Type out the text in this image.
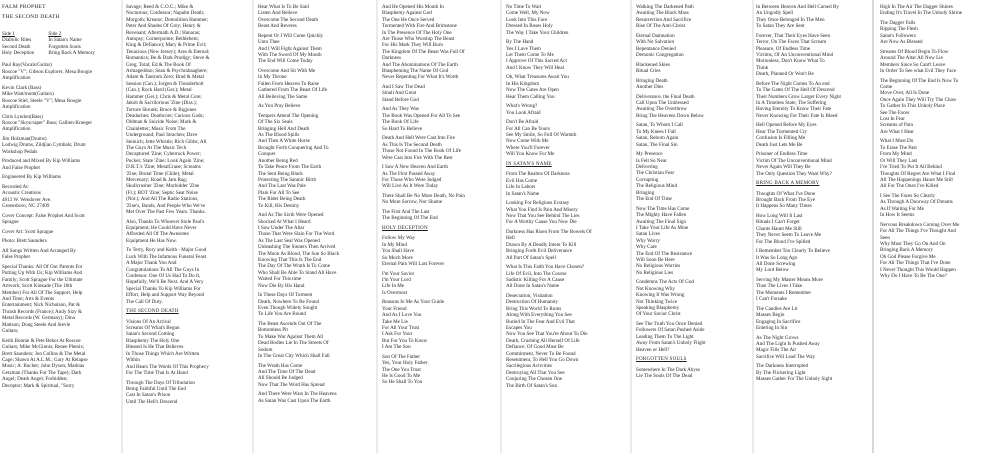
FALM PROPHET

THE SECOND DEATH

Side 1
Diabolic Rites
Second Death
Holy Deception
Side 2
In Satan's Name
Forgotten Souls
Bring Back A Memory

Paul Ray(Vocals/Guitar)
Roscoe "V"; Gibson Explorer, Mesa Boogie
Amplification

Kevin Clark (Bass)
Mike Watt/mom(Guitars)
Roscoe Stiel, Steele "V"; Mesa Boogie
Amplification

Chris Lyndon(Bass)
Roscoe "Skyscraper" Bass; Gallien-Krueger
Amplification

Jim Holzman(Drums)
Ludwig Drums, Zildjian Cymbals; Drum
Workshop Pedals

Produced and Mixed By Kip Williams
And False Prophet

Engineered By Kip Williams

Recorded At:
Acoustic Creations
4813 W. Wendover Ave.
Greensboro, NC 27409

Cover Concept: False Prophet And Scott
Sprague

Cover Art: Scott Sprague

Photo: Brett Saunders

All Songs Written And Arranged By
False Prophet

Special Thanks: All Of Our Parents For
Putting Up With Us; Kip Williams And
Family; Scott Sprague For the Ultimate
Artwork; Scott Kinkade (The 18th
Member) For All Of The Support, Help
And Time; Arts & Events
Entertainment; Nick Nicholson, Pat &
Thrash Records (France); Andy Sizy &
Metal Records (W. Germany); Dina
Mattson; Doug Steele And Stevie
Guitars;

Keith Bonnie & Pete Bekor At Roscoe
Guitars; Mike McGinnis; Renee Phenix;
Brett Saunders; Jon Collins & The Metal
Cage; Shawn At A.L.M.; Gary At Relapse
Music; A. Bucher; John Dyson; Mathias
Getzman (Thanks For The Tape); Dark
Angel; Death Angel; Forbidden;
Deceptor; Mark & Spiritual, "Sorry

Savage; Reed & C.O.C.; Mike &
Nocturnus; Confessor; Napalm Death;
Morgoth; Kreator; Demolition Hammer;
Peter And Shades Of Grey; Henry &
Revenant; Aftermath A.D.; Hanaras;
Autopsy; Cornerpointe; Bethlehem;
King & Defiance); Mary & Prime Evil;
Tenacious (New Jersey); Ares & Eternal;
Romantics; Be & Dark Prodigy; Steve &
Greg; Total; Ed & The Book Of
Armageddon; Sean & Psychrabaaghere;
Adam & Tantrum Zero; Brad & Metal
Session (Can.); Jorgen & Thunderbolt
(Can.); Rock Hard (Ger.); Metal
Hammer (Ger.); Chris & Metal Core;
Jakob & Sacrilorious 'Zine (Diss.);
Torture Shrunk; Bruce & Bigjones
Deadaches; Deathcore; Curious Gods;
Oldman & Suicide Noise; Mark &
Chainletter; Music From The
Underground; Paul Strachen; Dave
Steinich; Jette Whistle; Rich Gibbs; All
The Guys At The Music Tech
Decaptured 'Zine; Cyberrock Power;
Pucker; State 'Zine; Look Again 'Zine;
D.R.T.'s 'Zine; MetalCrane; Screams
'Zine; Brutal Time (Chile); Metal
Mercenary; Road & Jam Rag;
Skullcrusher 'Zine; Morbidder 'Zine
(Fr.); BOT 'Zine; Septic Seat Noise
(Nor.); And All The Radio Stations,
'Zine's, Bands, And People Who We've
Met Over The Past Few Years. Thanks.

Also, Thanks To Whoever Stole Paul's
Equipment; He Could Have Never
Afforded All Of The Awesome
Equipment He Has Now.

To Terry, Rory and Keith - Major Good
Luck With The Infamous Funeral Feast
A Major Thank You And
Congratulations To All The Guys In
Confessor. One Of Us Had To Do It,
Hopefully, We'll Be Next. And A Very
Special Thanks To Kip Williams For
Effort, Help and Support Way Beyond
The Call Of Duty.

THE SECOND DEATH

Visions Of An Arrival
Screams Of What's Begun
Satan's Second Coming
Blasphemy The Holy One
Blessed Is He That Believes
In Those Things Which Are Written
Within
And Hears The Words Of This Prophecy
For The Time That Is At Hand

Through The Days Of Tribulation
Being Faithful Until The End
Cast In Satan's Prison
Until The Hell's Descend

Hear What Is To Be Said
Listen And Believe
Overcome The Second Death
Beast And Reveres

Repent Or I Will Come Quickly
Unto Thee
And I Will Fight Against Them
With The Sword Of My Mouth
The End Will Come Today

Overcome And Sit With Me
In My Throne
Fallen From Heaven To Raise
Gathered From The Beast Of Life
All Believing The Same

As You Pray Believe

Tempers Attend The Opening
Of The Six Seals
Bringing Hell And Death
As The Blood Spills
And Then A White Horse
Brought Forth Conquering And To
Conquer
Another Being Red
To Take Peace From The Earth
The Sent Being Black
Protecting The Satanic Birth
And The Last Was Pale
Plain For All To See
The Rider Being Death
To Kill, His Destiny

And As The Sixth Were Opened
Shocked At What I Heard
I Saw Under The Altar
Those That Were Slain For The Word
As The Last Seal Was Opened
Unleashing The Sinners Then Arrived
The Moon As Blood, The Sun So Black
Knowing That This Is The End
The Day Of The Wrath Is To Come
Who Shall Be Able To Stand All Have
Waited For This time
Now Die By His Hand

In These Days Of Torment
Death, Nowhere To Be Found
Even Though Widely Sought
To Life You Are Bound

The Beast Ascends Out Of The
Bottomless Pit
To Make War Against Them All
Dead Bodies Lie In The Streets Of
Sodom
In The Great City Which Shall Fall

The Wrath Has Come
And The Time Of The Dead
All Should Be Judged
Now That The Word Has Spread

And There Were Wars In The Heavens
As Satan Was Cast Upon The Earth

And He Opened His Mouth In
Blasphemy Against God
The One He Once Served
Tormented With Fire And Brimstone
In The Presence Of The Holy One
Are Those Who Worship The Beast
For His Mark They Will Burn
The Kingdom Of The Beast Was Full Of
Darkness
And The Abominations Of The Earth
Blaspheming The Name Of God
Never Repenting For What It's Worth

And I Saw The Dead
Small And Great
Stand Before God

And As They Was
The Book Was Opened For All To See
The Book Of Life
So Hard To Believe

Death And Hell Were Cast Into Fire
As This Is The Second Death
Those Not Found In The Book Of Life
Were Cast Into Fire With The Rest

I Saw A New Heaven And Earth
As The First Passed Away
For Those Who Were Judged
Will Live As It Were Today

There Shall Be No More Death, No Pain
No More Sorrow, Nor Shame

The First And The Last
The Beginning Of The End

HOLY DECEPTION

Follow My Way
In My Mind
You Shall Have
So Much More
Eternal Pain Will Last Forever

I'm Your Savior
I'm Your Lord
Life In Me
Is Overmost

Reasons In Me As Your Guide
Your Friend
And As I Love You
Take Me Lie
For All Your Trust
I Ask For Your
But For You To Know
I Am The Son

Son Of The Father
Yes, Your Holy Father
The One You Trust
He Is Good To Me
So He Shall To You

No Time To Wait
Come Well, My Now
Look Into This Face
Dressed In Roses Holy
The Way I Take Your Children

By The Hand
Yes I Lave Them
Let Them Come To Me
I Approve Of This Sacred Act
And I Know They Will Heal

Oh, What Treasures Await You
In His Kingdom
Now The Gates Are Open
Hear Them Calling You

What's Wrong?
You Look Afraid

Don't Be Afraid
For All Can Be Yours
See My Smile, So Full Of Warmth
Now Come With Me
Where You'll Forever
Will You Know For Me

IN SATAN'S NAME

From The Realms Of Darkness
Evil Has Come
Life In Labors
In Satan's Name

Looking For Religious Ecstasy
What You Find Is Pain And Misery
Now That You See Behind The Lies
For A Worthy Cause You Now Die

Darkness Has Risen From The Bowels Of
Hell
Drawn By A Deadly Intent To Kill
Bringing Forth Evil Deliverance
All Part Of Satan's Spell

What Is This Faith You Have Chosen?
Life Of Evil, Into The Course
Sadistic Killing For A Cause
All Done In Satan's Name

Desecration, Visitation
Destruction Of Humanity
Bring This World To Ruins
Along With Everything You See
Buried In The Fear And Evil That
Escapes You
Now You See That You're About To Die
Death, Crushing All Herself Of Life
Defiance, Of Good Must Be
Commitment, Never To Be Found
Resentment, To Hell You Go Down
Sacrilegious Activities
Destroying All That You See
Conjuring The Chosen One
The Birth Of Satan's Son

Walking The Darkened Path
Awaiting The Black Mass
Resurrection And Sacrifice
Rise Of The Anti-Christ

Eternal Damnation
With No Salvation
Repentance Denied
Demonic Congregation

Blackened Skies
Ritual Cries

Bringing Death
Another Dies

Deliverance, the Final Death
Call Upon The Unblessed
Awaiting The Overthrow
Bring The Heavens Down Below

Satan, To Whom I Call
To My Knees I Fall
Satan, Reborn Again
Satan, The Final Sin

My Presence
Is Felt So Near
Delivering
The Christian Fear
Corrupting
The Religious Mind
Bringing
The End Of Time

Now The Time Has Come
The Mighty Have Fallen
Awaiting The Final Sign
I Take Your Life As Mine
Satan Lives
Why Worry
Why Care
The End Of The Resistance
Will Soon Be Here
No Religious Worries
No Religious Lies

Condemns The Acts Of God
Not Knowing Why
Knowing It Was Wrong
Not Thinking Twice
Speaking Blasphemy
Of Your Savior Christ

See The Truth You Once Denied
Followers Of Satan Pushed Aside
Leading Them To The Light
Away From Satan's Unholy Flight
Heaven or Hell?

FORGOTTEN SOULS

Somewhere In The Dark Abyss
Lie The Souls Of The Dead

In Between Heaven And Hell Cursed By
An Ungodly Spell
They Once Belonged In The Men
To Satan They Are Sent

Forever, That Their Eyes Have Seen
Terror, On The Faces That Scream
Pleasure, Of Endless Time
Victims, Of An Unconventional Mind
Motionless, Don't Know What To
Think
Death, Planned Or Won't Be

Before The Night Comes To An end
To The Gates Of The Hell Of Descend
Their Numbers Grow Larger Every Night
In A Timeless State, The Suffering
Having Eternity To Know Their Fate
Never Knowing For Their Fate Is Bleed

Hell Opened Before My Eyes
Hear The Tormented Cry
Confusion Is Filling Me
Death Just Lets Me Be

Prisoner of Endless Time
Victim Of The Unconventional Mind
Never Again Will They Be
The Only Question They Want Why?

BRING BACK A MEMORY

Thoughts Of What I've Done
Brought Back From The Eye
It Happens So Many Times

How Long Will It Last
Rituals I Can't Forget
Chants Haunt Me Still
They Never Seem To Leave Me
For The Blood I've Spilled

I Remember Too Clearly To Believe
It Was So Long Ago
All Done Screwing
My Lord Below

Serving My Master Means More
Than The Lives I Take
The Moments I Remember
I Can't Forsake

The Candles Are Lit
Masses Begin
Engaging In Sacrifice
Entering In Sin

As The Night Grows
And The Light Is Pushed Away
Magic Fills The Air
Sacrifice Will Lead The Way

The Darkness Interrupted
By The Flickering Light
Masses Gather For The Unholy Sight

High In The Air The Dagger Shines
Ending It's Travel In The Unholy Shrine

The Dagger Falls
Ripping The Flesh
Satan's Followers
Are Now As Blessed

Streams Of Blood Begin To Flow
Around The Altar All Now Lie
Members Since So Cant't Leave
In Order To See what Evil They Face

The Beginning Of The End Is Now To
Come
Move Over, All Is Done
Once Again They Will Try The Chaw
To Gather In This Unholy Place
See The Faces
Lost In Fear
Screams of Pain
Are What I Hear

What I Must Do
To Erase The Past
From My Mind
Or Will They Last
I've Tried To Put It All Behind
Thoughts Of Regret Are What I Find
All The Happenings Haunt Me Still
All For The Ones I've Killed

I See The Faces So Clearly
As Through A Doorway Of Dreams
As If Waiting For Me
In How It Seems

Nervous Breakdown Coming Over Me
For All The Things I've Thought And
Seen
Why Must They Go On And On
Bringing Back A Memory
Oh God Please Forgive Me
For All The Things That I've Done
I Never Thought This Would Happen
Why Do I Have To Be The One?
